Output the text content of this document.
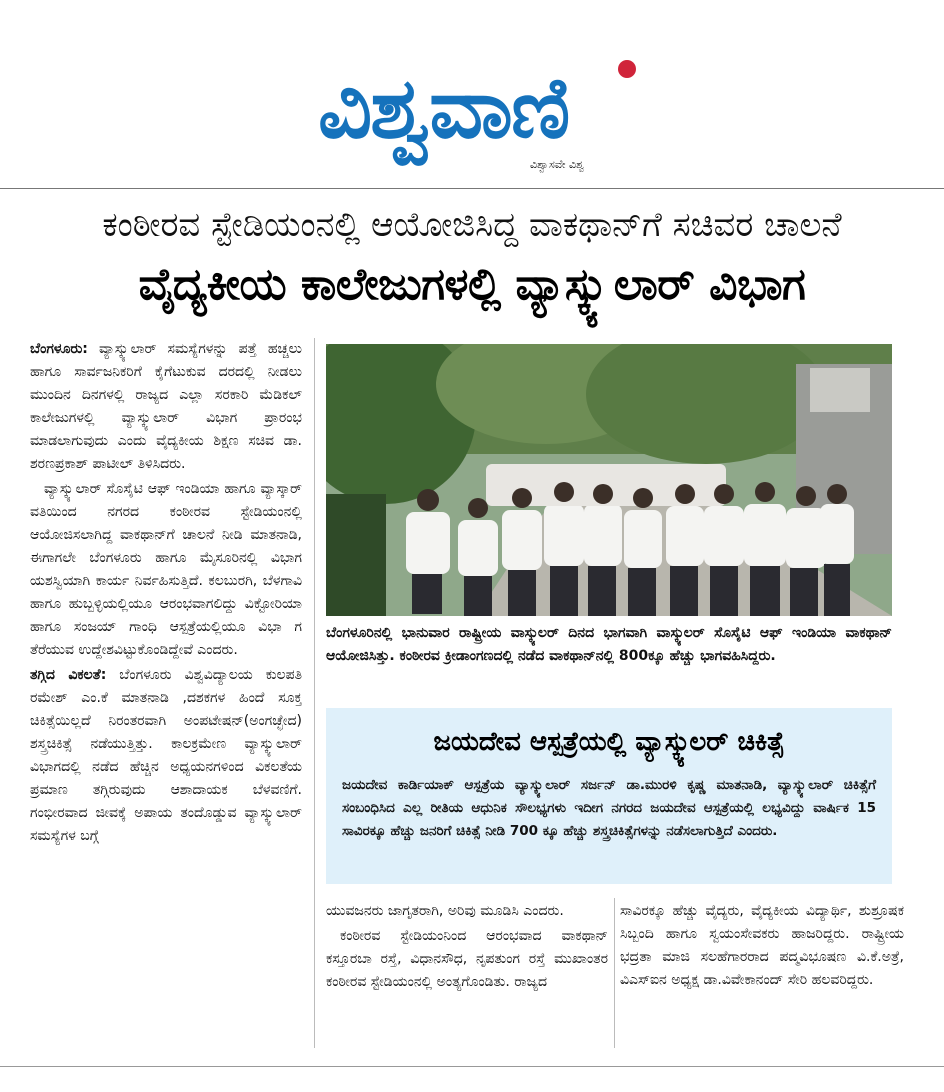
ವಿಶ್ವವಾಣಿ
ವಿಶ್ವಾಸವೇ ವಿಶ್ವ
ಕಂಠೀರವ ಸ್ಟೇಡಿಯಂನಲ್ಲಿ ಆಯೋಜಿಸಿದ್ದ ವಾಕಥಾನ್‌ಗೆ ಸಚಿವರ ಚಾಲನೆ
ವೈದ್ಯಕೀಯ ಕಾಲೇಜುಗಳಲ್ಲಿ ವ್ಯಾಸ್ಕ್ಯುಲಾರ್ ವಿಭಾಗ

ಬೆಂಗಳೂರು: ವ್ಯಾಸ್ಕ್ಯುಲಾರ್ ಸಮಸ್ಯೆಗಳನ್ನು ಪತ್ತೆ ಹಚ್ಚಲು ಹಾಗೂ ಸಾರ್ವಜನಿಕರಿಗೆ ಕೈಗೆಟುಕುವ ದರದಲ್ಲಿ ನೀಡಲು ಮುಂದಿನ ದಿನಗಳಲ್ಲಿ ರಾಜ್ಯದ ಎಲ್ಲಾ ಸರಕಾರಿ ಮೆಡಿಕಲ್ ಕಾಲೇಜುಗಳಲ್ಲಿ ವ್ಯಾಸ್ಕ್ಯುಲಾರ್ ವಿಭಾಗ ಪ್ರಾರಂಭ ಮಾಡಲಾಗುವುದು ಎಂದು ವೈದ್ಯಕೀಯ ಶಿಕ್ಷಣ ಸಚಿವ ಡಾ. ಶರಣಪ್ರಕಾಶ್ ಪಾಟೀಲ್ ತಿಳಿಸಿದರು.

ವ್ಯಾಸ್ಕ್ಯುಲಾರ್ ಸೊಸೈಟಿ ಆಫ್ ಇಂಡಿಯಾ ಹಾಗೂ ವ್ಯಾಸ್ಕಾರ್ ವತಿಯಿಂದ ನಗರದ ಕಂಠೀರವ ಸ್ಟೇಡಿಯಂನಲ್ಲಿ ಆಯೋಜಿಸಲಾಗಿದ್ದ ವಾಕಥಾನ್‌ಗೆ ಚಾಲನೆ ನೀಡಿ ಮಾತನಾಡಿ, ಈಗಾಗಲೇ ಬೆಂಗಳೂರು ಹಾಗೂ ಮೈಸೂರಿನಲ್ಲಿ ವಿಭಾಗ ಯಶಸ್ವಿಯಾಗಿ ಕಾರ್ಯ ನಿರ್ವಹಿಸುತ್ತಿದೆ. ಕಲಬುರಗಿ, ಬೆಳಗಾವಿ ಹಾಗೂ ಹುಬ್ಬಳ್ಳಿಯಲ್ಲಿಯೂ ಆರಂಭವಾಗಲಿದ್ದು ವಿಕ್ಟೋರಿಯಾ ಹಾಗೂ ಸಂಜಯ್ ಗಾಂಧಿ ಆಸ್ಪತ್ರೆಯಲ್ಲಿಯೂ ವಿಭಾ ಗ ತೆರೆಯುವ ಉದ್ದೇಶವಿಟ್ಟುಕೊಂಡಿದ್ದೇವೆ ಎಂದರು.

ತಗ್ಗಿದ ವಿಕಲತೆ: ಬೆಂಗಳೂರು ವಿಶ್ವವಿದ್ಯಾಲಯ ಕುಲಪತಿ ರಮೇಶ್ ಎಂ.ಕೆ ಮಾತನಾಡಿ ,ದಶಕಗಳ ಹಿಂದೆ ಸೂಕ್ತ ಚಿಕಿತ್ಸೆಯಿಲ್ಲದೆ ನಿರಂತರವಾಗಿ ಅಂಪಟೇಷನ್(ಅಂಗಚ್ಛೇದ) ಶಸ್ತ್ರಚಿಕಿತ್ಸೆ ನಡೆಯುತ್ತಿತ್ತು. ಕಾಲಕ್ರಮೇಣ ವ್ಯಾಸ್ಕ್ಯುಲಾರ್ ವಿಭಾಗದಲ್ಲಿ ನಡೆದ ಹೆಚ್ಚಿನ ಅಧ್ಯಯನಗಳಿಂದ ವಿಕಲತೆಯ ಪ್ರಮಾಣ ತಗ್ಗಿರುವುದು ಆಶಾದಾಯಕ ಬೆಳವಣಿಗೆ. ಗಂಭೀರವಾದ ಜೀವಕ್ಕೆ ಅಪಾಯ ತಂದೊಡ್ಡುವ ವ್ಯಾಸ್ಕ್ಯುಲಾರ್ ಸಮಸ್ಯೆಗಳ ಬಗ್ಗೆ

ಬೆಂಗಳೂರಿನಲ್ಲಿ ಭಾನುವಾರ ರಾಷ್ಟ್ರೀಯ ವಾಸ್ಕ್ಯುಲರ್ ದಿನದ ಭಾಗವಾಗಿ ವಾಸ್ಕ್ಯುಲರ್ ಸೊಸೈಟಿ ಆಫ್ ಇಂಡಿಯಾ ವಾಕಥಾನ್ ಆಯೋಜಿಸಿತ್ತು. ಕಂಠೀರವ ಕ್ರೀಡಾಂಗಣದಲ್ಲಿ ನಡೆದ ವಾಕಥಾನ್‌ನಲ್ಲಿ 800ಕ್ಕೂ ಹೆಚ್ಚು ಭಾಗವಹಿಸಿದ್ದರು.
ಜಯದೇವ ಆಸ್ಪತ್ರೆಯಲ್ಲಿ ವ್ಯಾಸ್ಕ್ಯುಲರ್ ಚಿಕಿತ್ಸೆ
ಜಯದೇವ ಕಾರ್ಡಿಯಾಕ್ ಆಸ್ಪತ್ರೆಯ ವ್ಯಾಸ್ಕ್ಯುಲಾರ್ ಸರ್ಜನ್ ಡಾ.ಮುರಳಿ ಕೃಷ್ಣ ಮಾತನಾಡಿ, ವ್ಯಾಸ್ಕ್ಯುಲಾರ್ ಚಿಕಿತ್ಸೆಗೆ ಸಂಬಂಧಿಸಿದ ಎಲ್ಲ ರೀತಿಯ ಆಧುನಿಕ ಸೌಲಭ್ಯಗಳು ಇದೀಗ ನಗರದ ಜಯದೇವ ಆಸ್ಪತ್ರೆಯಲ್ಲಿ ಲಭ್ಯವಿದ್ದು ವಾರ್ಷಿಕ 15 ಸಾವಿರಕ್ಕೂ ಹೆಚ್ಚು ಜನರಿಗೆ ಚಿಕಿತ್ಸೆ ನೀಡಿ 700 ಕ್ಕೂ ಹೆಚ್ಚು ಶಸ್ತ್ರಚಿಕಿತ್ಸೆಗಳನ್ನು ನಡೆಸಲಾಗುತ್ತಿದೆ ಎಂದರು.

ಯುವಜನರು ಜಾಗೃತರಾಗಿ, ಅರಿವು ಮೂಡಿಸಿ ಎಂದರು.

ಕಂಠೀರವ ಸ್ಟೇಡಿಯಂನಿಂದ ಆರಂಭವಾದ ವಾಕಥಾನ್ ಕಸ್ತೂರಬಾ ರಸ್ತೆ, ವಿಧಾನಸೌಧ, ನೃಪತುಂಗ ರಸ್ತೆ ಮುಖಾಂತರ ಕಂಠೀರವ ಸ್ಟೇಡಿಯಂನಲ್ಲಿ ಅಂತ್ಯಗೊಂಡಿತು. ರಾಜ್ಯದ

ಸಾವಿರಕ್ಕೂ ಹೆಚ್ಚು ವೈದ್ಯರು, ವೈದ್ಯಕೀಯ ವಿದ್ಯಾರ್ಥಿ, ಶುಶ್ರೂಷಕ ಸಿಬ್ಬಂದಿ ಹಾಗೂ ಸ್ವಯಂಸೇವಕರು ಹಾಜರಿದ್ದರು. ರಾಷ್ಟ್ರೀಯ ಭದ್ರತಾ ಮಾಜಿ ಸಲಹೆಗಾರರಾದ ಪದ್ಮವಿಭೂಷಣ ವಿ.ಕೆ.ಅತ್ರೆ, ವಿಎಸ್‌ಐನ ಅಧ್ಯಕ್ಷ ಡಾ.ವಿವೇಕಾನಂದ್ ಸೇರಿ ಹಲವರಿದ್ದರು.
